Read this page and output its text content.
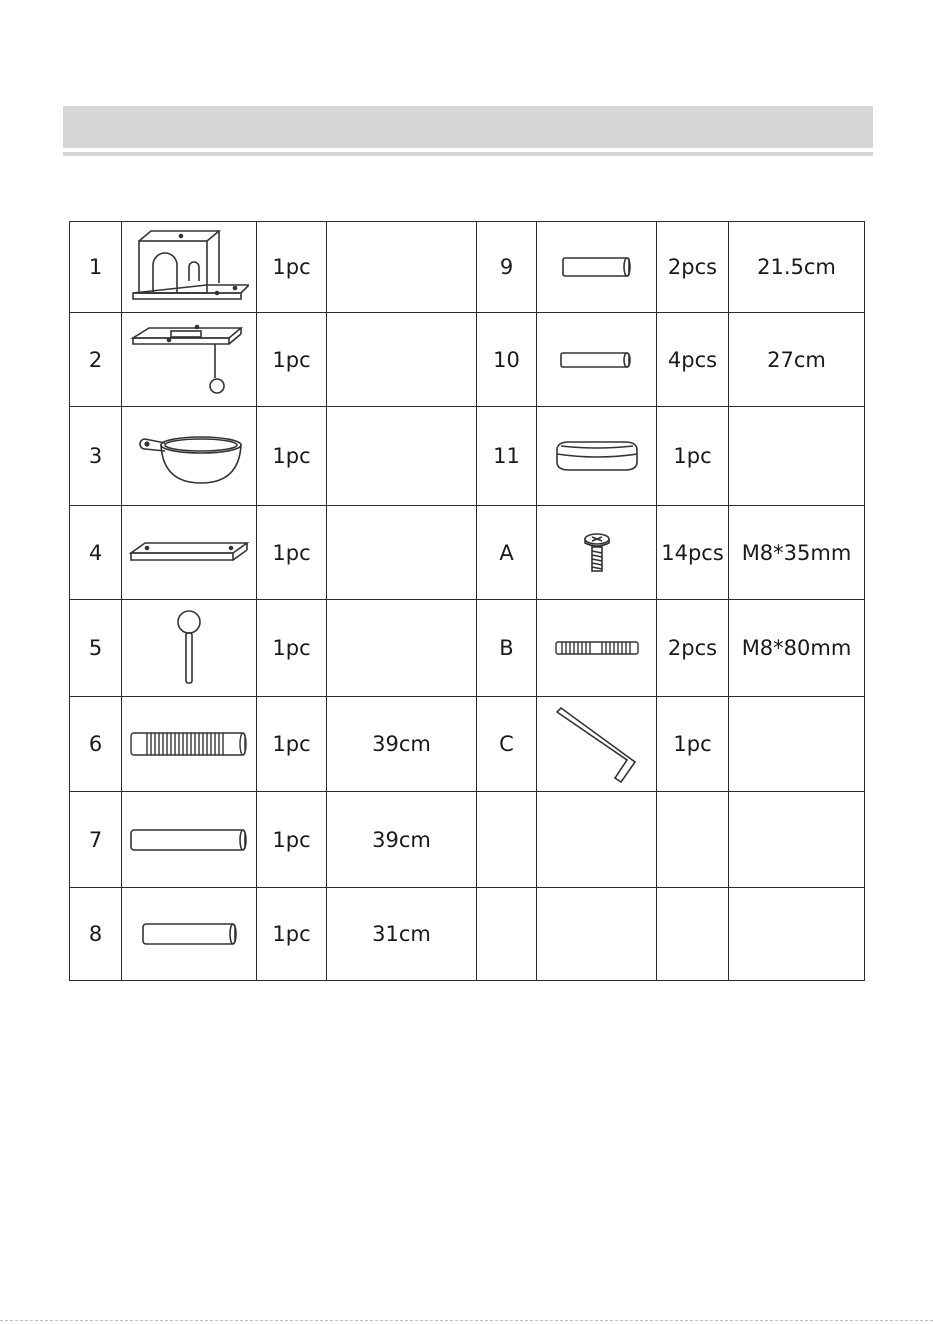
1		1pc		9		2pcs	21.5cm
2		1pc		10		4pcs	27cm
3		1pc		11		1pc	
4		1pc		A		14pcs	M8*35mm
5		1pc		B		2pcs	M8*80mm
6		1pc	39cm	C		1pc	
7		1pc	39cm				
8		1pc	31cm				
